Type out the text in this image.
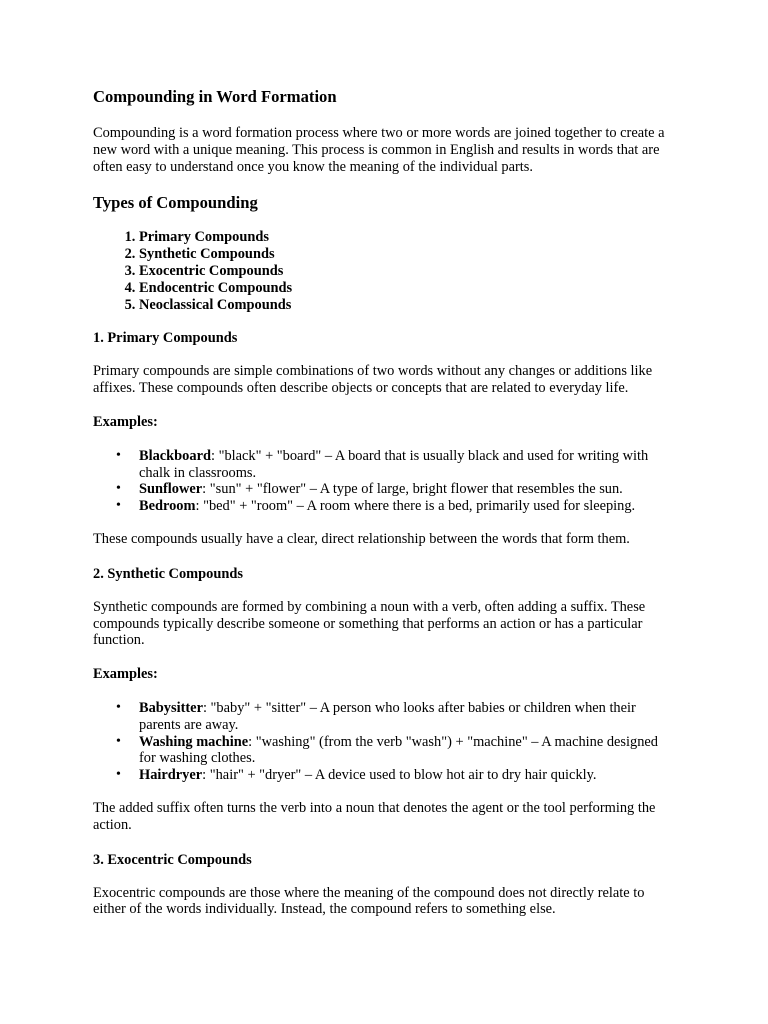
Compounding in Word Formation

Compounding is a word formation process where two or more words are joined together to create a new word with a unique meaning. This process is common in English and results in words that are often easy to understand once you know the meaning of the individual parts.

Types of Compounding
1. Primary Compounds
2. Synthetic Compounds
3. Exocentric Compounds
4. Endocentric Compounds
5. Neoclassical Compounds
1. Primary Compounds

Primary compounds are simple combinations of two words without any changes or additions like affixes. These compounds often describe objects or concepts that are related to everyday life.

Examples:
• Blackboard: "black" + "board" – A board that is usually black and used for writing with chalk in classrooms.
• Sunflower: "sun" + "flower" – A type of large, bright flower that resembles the sun.
• Bedroom: "bed" + "room" – A room where there is a bed, primarily used for sleeping.

These compounds usually have a clear, direct relationship between the words that form them.

2. Synthetic Compounds

Synthetic compounds are formed by combining a noun with a verb, often adding a suffix. These compounds typically describe someone or something that performs an action or has a particular function.

Examples:
• Babysitter: "baby" + "sitter" – A person who looks after babies or children when their parents are away.
• Washing machine: "washing" (from the verb "wash") + "machine" – A machine designed for washing clothes.
• Hairdryer: "hair" + "dryer" – A device used to blow hot air to dry hair quickly.

The added suffix often turns the verb into a noun that denotes the agent or the tool performing the action.

3. Exocentric Compounds

Exocentric compounds are those where the meaning of the compound does not directly relate to either of the words individually. Instead, the compound refers to something else.
